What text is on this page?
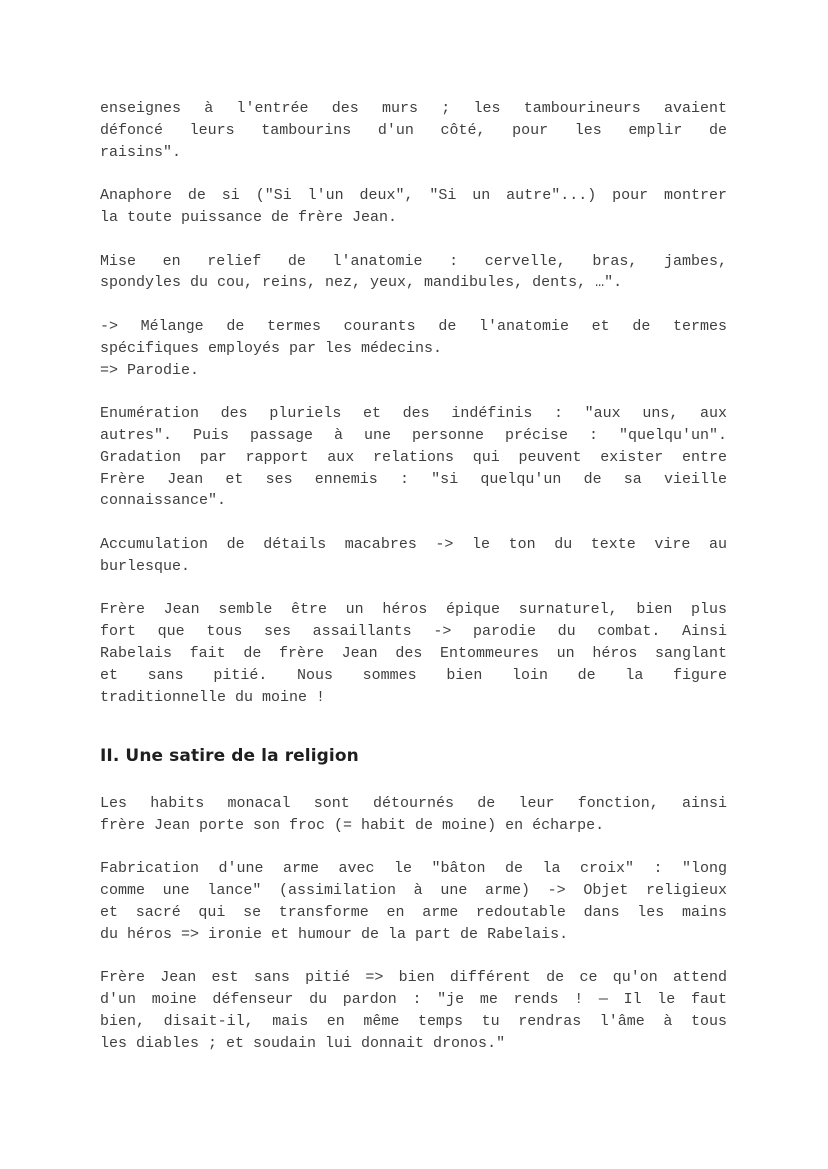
enseignes à l'entrée des murs ; les tambourineurs avaient
défoncé leurs tambourins d'un côté, pour les emplir de
raisins".

Anaphore de si ("Si l'un deux", "Si un autre"...) pour montrer
la toute puissance de frère Jean.

Mise en relief de l'anatomie : cervelle, bras, jambes,
spondyles du cou, reins, nez, yeux, mandibules, dents, …".

-> Mélange de termes courants de l'anatomie et de termes
spécifiques employés par les médecins.
=> Parodie.

Enumération des pluriels et des indéfinis : "aux uns, aux
autres". Puis passage à une personne précise : "quelqu'un".
Gradation par rapport aux relations qui peuvent exister entre
Frère Jean et ses ennemis : "si quelqu'un de sa vieille
connaissance".

Accumulation de détails macabres -> le ton du texte vire au
burlesque.

Frère Jean semble être un héros épique surnaturel, bien plus
fort que tous ses assaillants -> parodie du combat. Ainsi
Rabelais fait de frère Jean des Entommeures un héros sanglant
et sans pitié. Nous sommes bien loin de la figure
traditionnelle du moine !

II. Une satire de la religion

Les habits monacal sont détournés de leur fonction, ainsi
frère Jean porte son froc (= habit de moine) en écharpe.

Fabrication d'une arme avec le "bâton de la croix" : "long
comme une lance" (assimilation à une arme) -> Objet religieux
et sacré qui se transforme en arme redoutable dans les mains
du héros => ironie et humour de la part de Rabelais.

Frère Jean est sans pitié => bien différent de ce qu'on attend
d'un moine défenseur du pardon : "je me rends ! — Il le faut
bien, disait-il, mais en même temps tu rendras l'âme à tous
les diables ; et soudain lui donnait dronos."
